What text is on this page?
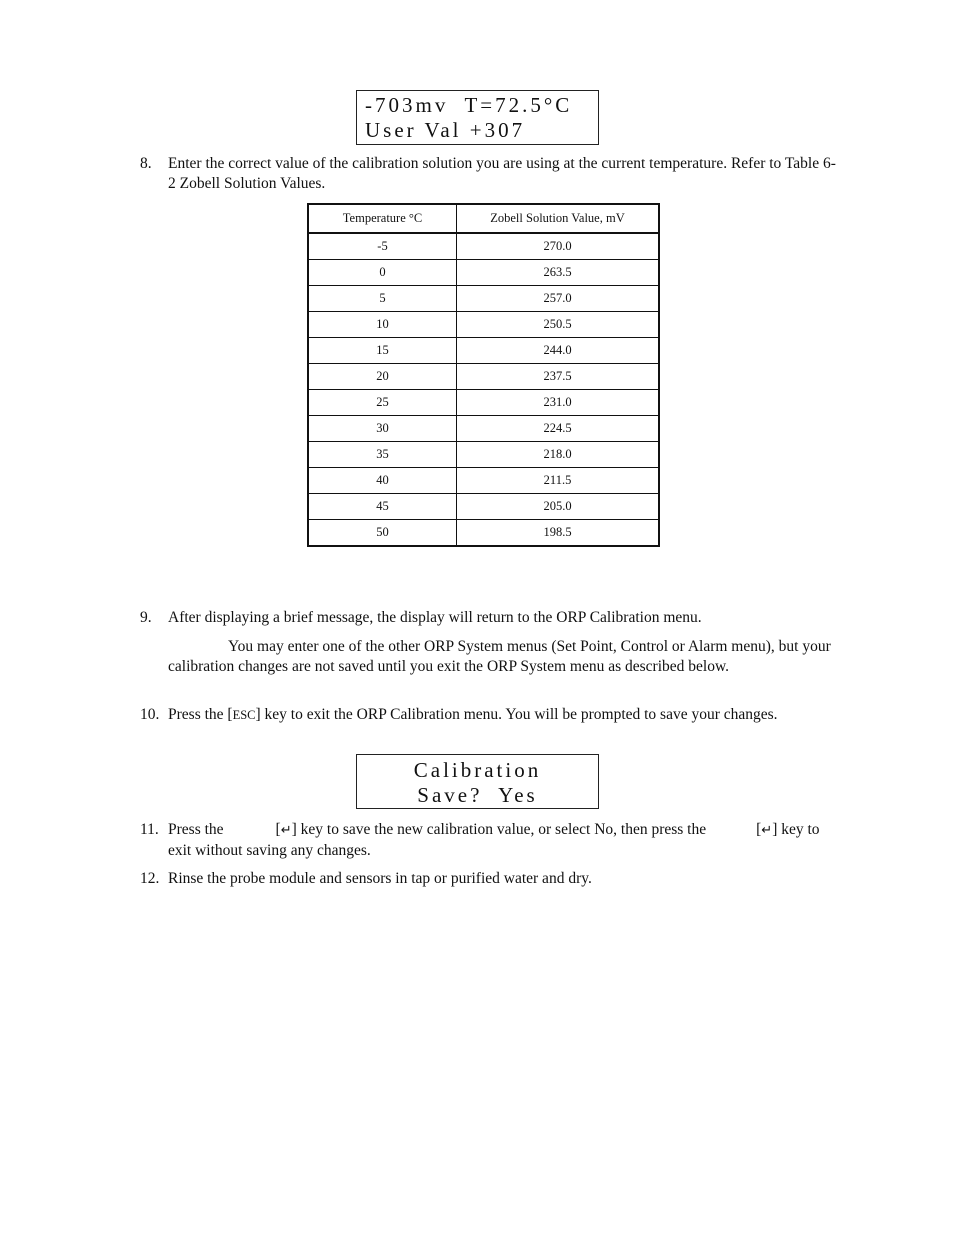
-703mv  T=72.5°C
User Val +307
8. Enter the correct value of the calibration solution you are using at the current temperature. Refer to Table 6-2 Zobell Solution Values.
Temperature °C	Zobell Solution Value, mV
-5	270.0
0	263.5
5	257.0
10	250.5
15	244.0
20	237.5
25	231.0
30	224.5
35	218.0
40	211.5
45	205.0
50	198.5
9. After displaying a brief message, the display will return to the ORP Calibration menu.
You may enter one of the other ORP System menus (Set Point, Control or Alarm menu), but your calibration changes are not saved until you exit the ORP System menu as described below.
10. Press the [ESC] key to exit the ORP Calibration menu. You will be prompted to save your changes.
Calibration
Save?  Yes
11. Press the	[↵] key to save the new calibration value, or select No, then press the	[↵] key to exit without saving any changes.
12. Rinse the probe module and sensors in tap or purified water and dry.
